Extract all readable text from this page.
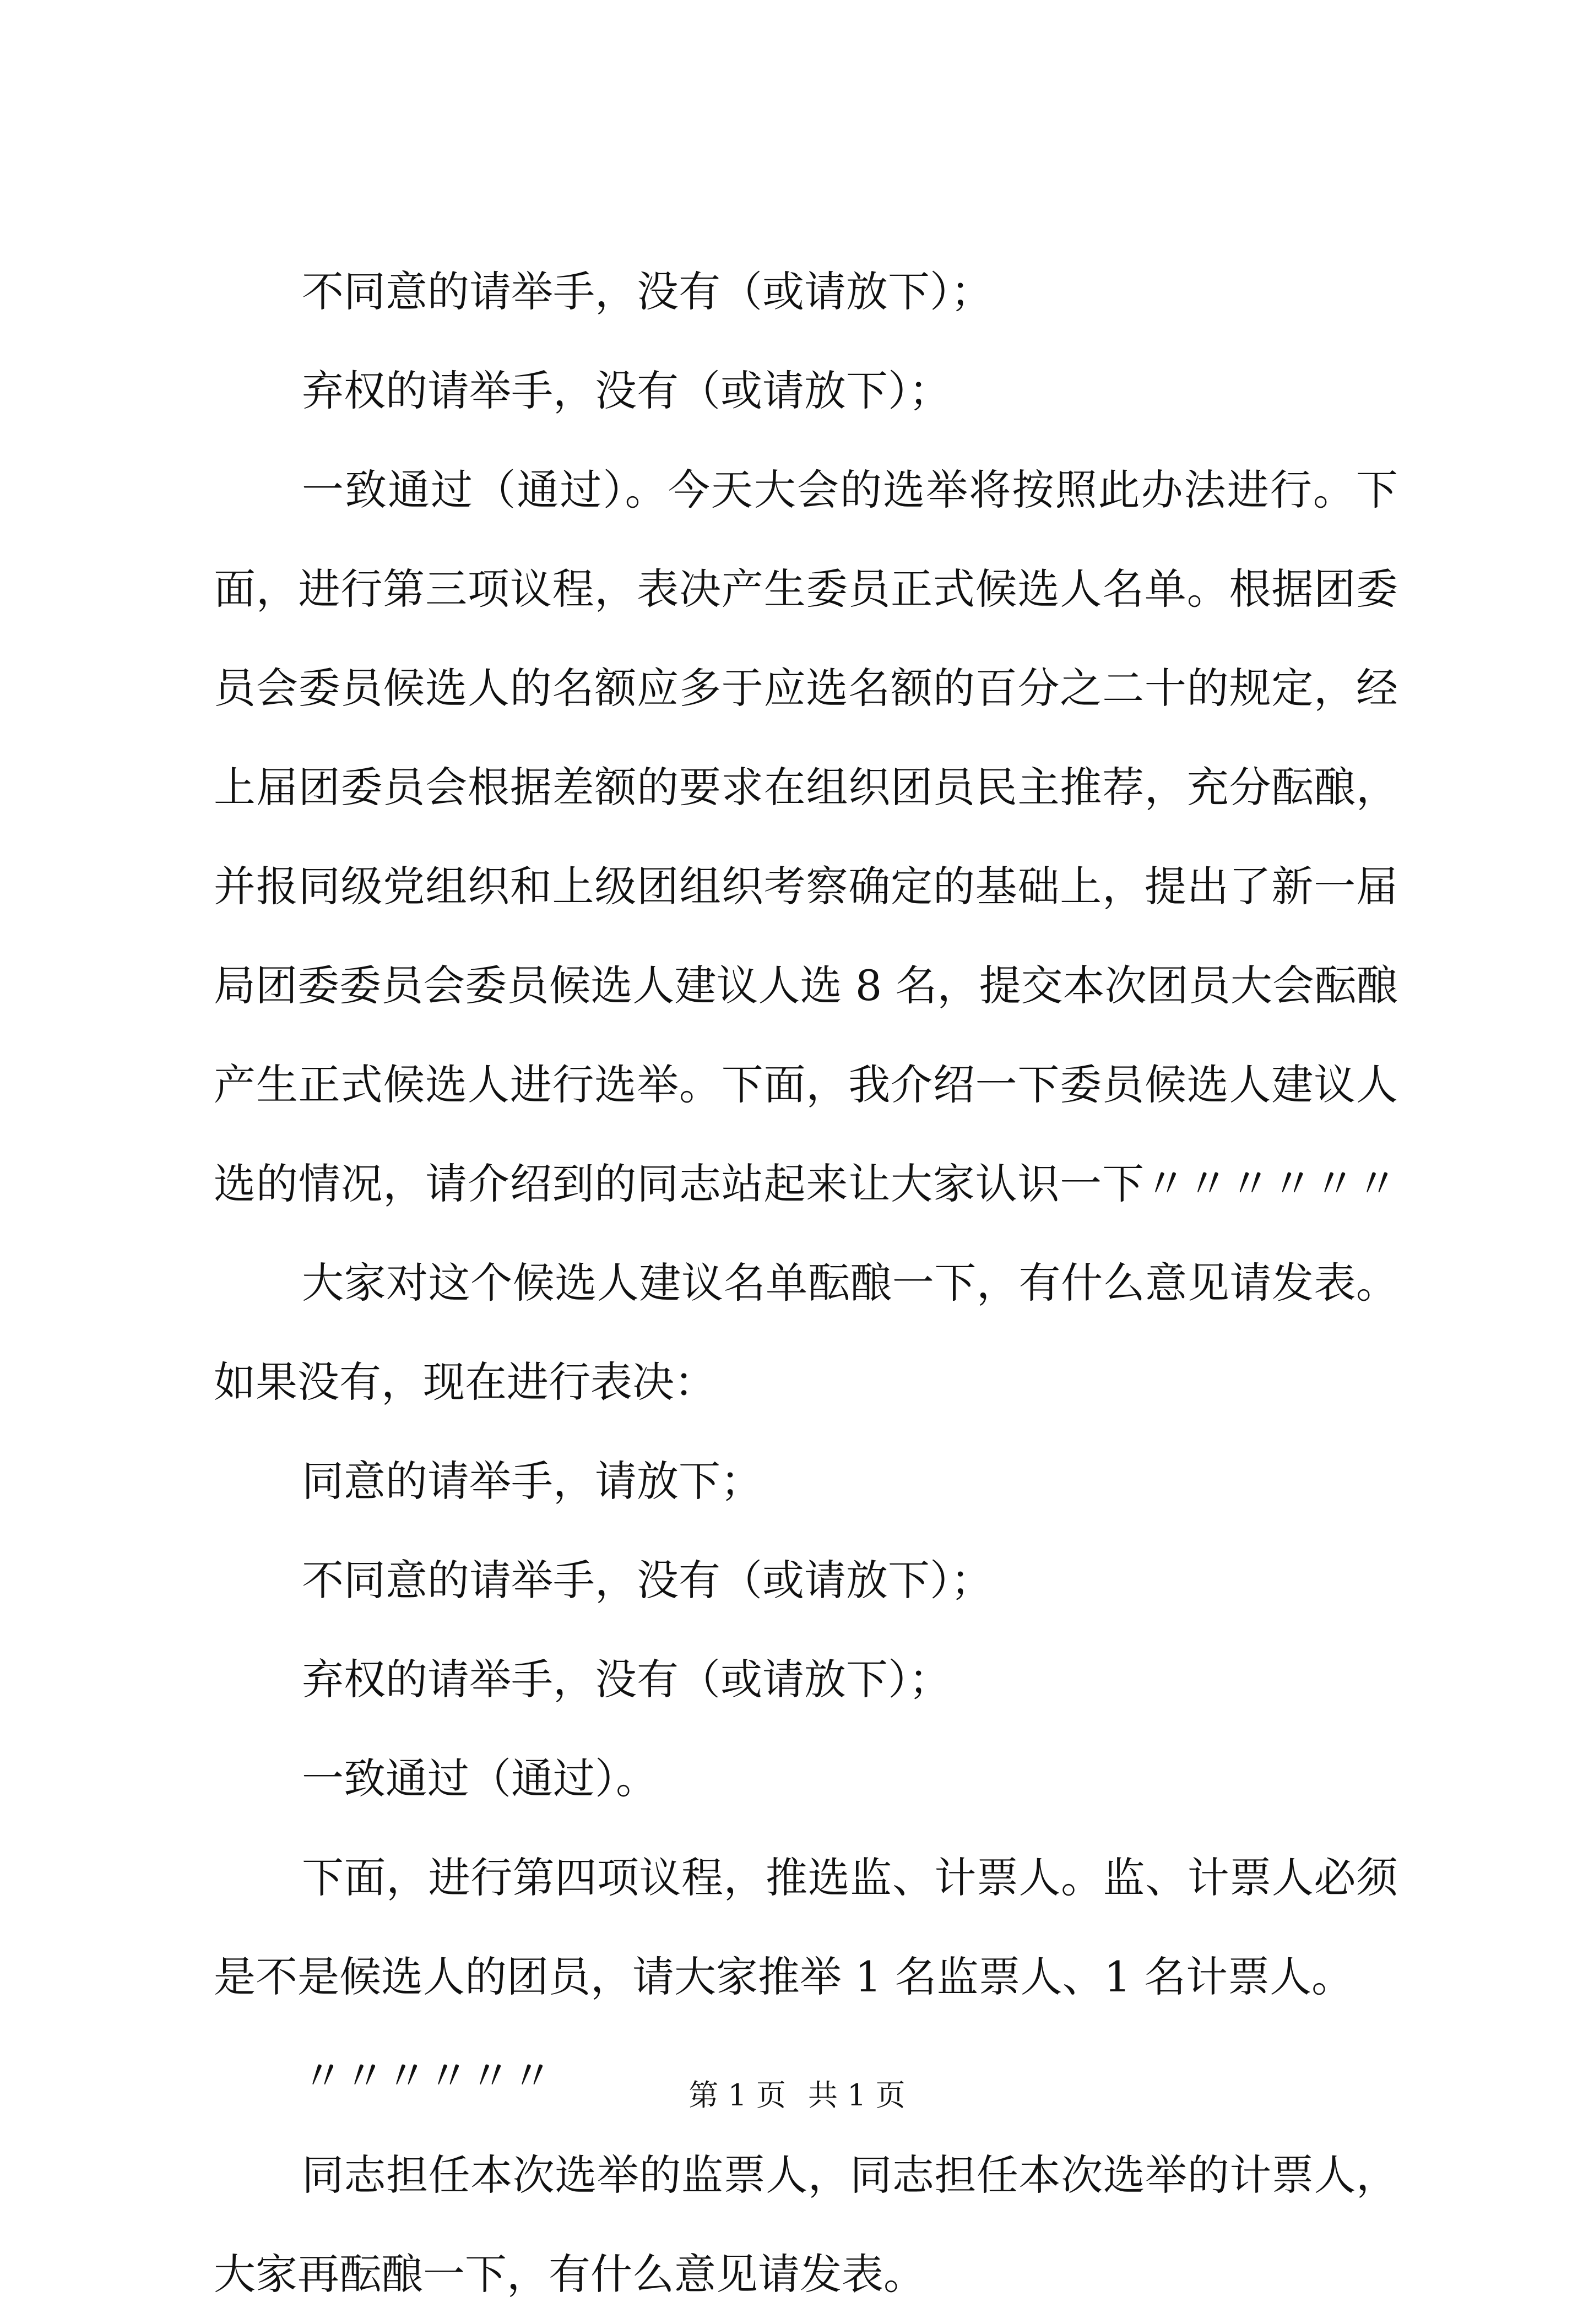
不同意的请举手，没有（或请放下）；
弃权的请举手，没有（或请放下）；
一致通过（通过）。今天大会的选举将按照此办法进行。下
面，进行第三项议程，表决产生委员正式候选人名单。根据团委
员会委员候选人的名额应多于应选名额的百分之二十的规定，经
上届团委员会根据差额的要求在组织团员民主推荐，充分酝酿，
并报同级党组织和上级团组织考察确定的基础上，提出了新一届
局团委委员会委员候选人建议人选 8 名，提交本次团员大会酝酿
产生正式候选人进行选举。下面，我介绍一下委员候选人建议人
选的情况，请介绍到的同志站起来让大家认识一下〃〃〃〃〃〃
大家对这个候选人建议名单酝酿一下，有什么意见请发表。
如果没有，现在进行表决：
同意的请举手，请放下；
不同意的请举手，没有（或请放下）；
弃权的请举手，没有（或请放下）；
一致通过（通过）。
下面，进行第四项议程，推选监、计票人。监、计票人必须
是不是候选人的团员，请大家推举 1 名监票人、1 名计票人。
〃〃〃〃〃〃
同志担任本次选举的监票人，同志担任本次选举的计票人，
大家再酝酿一下，有什么意见请发表。
第 1 页 共 1 页
